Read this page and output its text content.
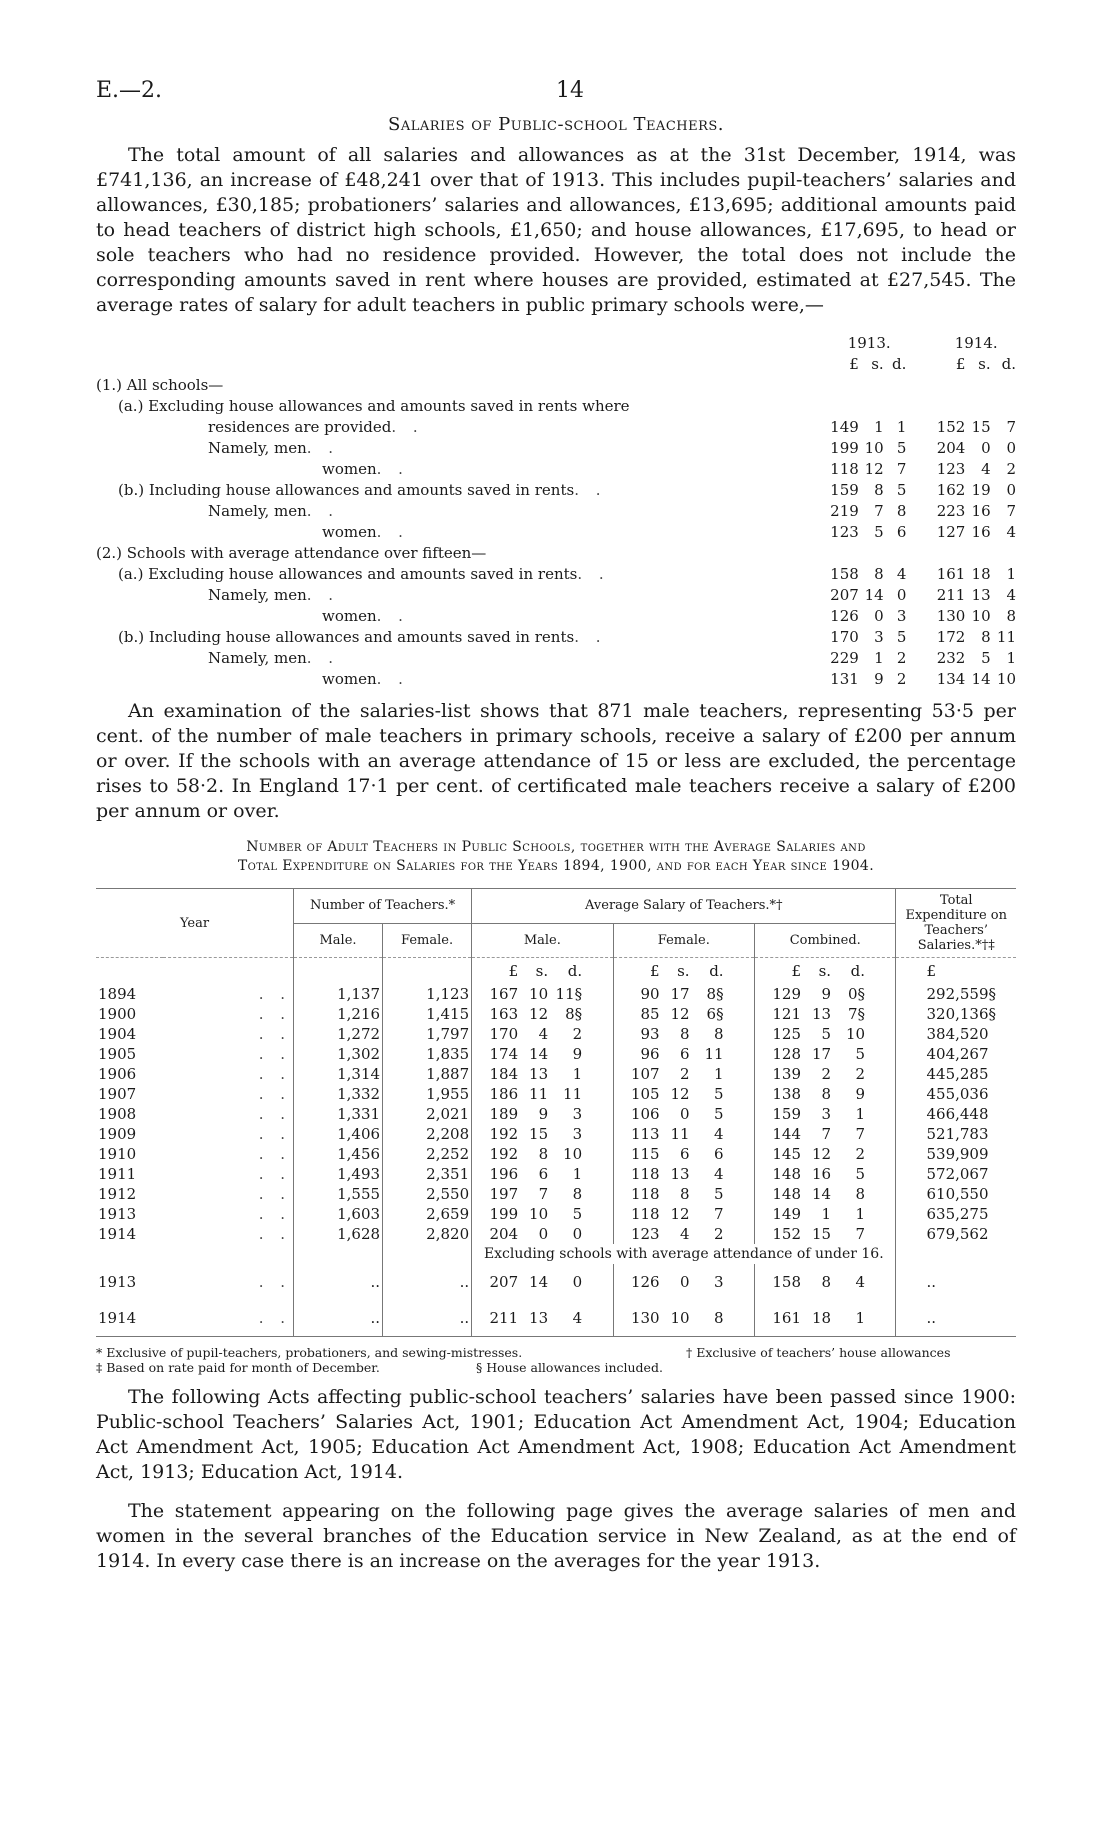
E.—2.	14
Salaries of Public-school Teachers.

The total amount of all salaries and allowances as at the 31st December, 1914, was £741,136, an increase of £48,241 over that of 1913. This includes pupil-teachers’ salaries and allowances, £30,185; probationers’ salaries and allowances, £13,695; additional amounts paid to head teachers of district high schools, £1,650; and house allowances, £17,695, to head or sole teachers who had no residence provided. However, the total does not include the corresponding amounts saved in rent where houses are provided, estimated at £27,545. The average rates of salary for adult teachers in public primary schools were,—

	1913.			1914.		
	£	s.	d.	£	s.	d.
(1.) All schools—						
(a.) Excluding house allowances and amounts saved in rents where						
residences are provided. .	149	1	1	152	15	7
Namely, men. .	199	10	5	204	0	0
women. .	118	12	7	123	4	2
(b.) Including house allowances and amounts saved in rents. .	159	8	5	162	19	0
Namely, men. .	219	7	8	223	16	7
women. .	123	5	6	127	16	4
(2.) Schools with average attendance over fifteen—						
(a.) Excluding house allowances and amounts saved in rents. .	158	8	4	161	18	1
Namely, men. .	207	14	0	211	13	4
women. .	126	0	3	130	10	8
(b.) Including house allowances and amounts saved in rents. .	170	3	5	172	8	11
Namely, men. .	229	1	2	232	5	1
women. .	131	9	2	134	14	10

An examination of the salaries-list shows that 871 male teachers, representing 53·5 per cent. of the number of male teachers in primary schools, receive a salary of £200 per annum or over. If the schools with an average attendance of 15 or less are excluded, the percentage rises to 58·2. In England 17·1 per cent. of certificated male teachers receive a salary of £200 per annum or over.

Number of Adult Teachers in Public Schools, together with the Average Salaries and
Total Expenditure on Salaries for the Years 1894, 1900, and for each Year since 1904.
Year		Number of Teachers.*		Average Salary of Teachers.*†			Total Expenditure on Teachers’ Salaries.*†‡
		Male.	Female.	Male.	Female.	Combined.	
				£ s. d.	£ s. d.	£ s. d.	£
1894	. .	1,137	1,123	167 10 11§	90 17 8§	129 9 0§	292,559§
1900	. .	1,216	1,415	163 12 8§	85 12 6§	121 13 7§	320,136§
1904	. .	1,272	1,797	170 4 2	93 8 8	125 5 10	384,520
1905	. .	1,302	1,835	174 14 9	96 6 11	128 17 5	404,267
1906	. .	1,314	1,887	184 13 1	107 2 1	139 2 2	445,285
1907	. .	1,332	1,955	186 11 11	105 12 5	138 8 9	455,036
1908	. .	1,331	2,021	189 9 3	106 0 5	159 3 1	466,448
1909	. .	1,406	2,208	192 15 3	113 11 4	144 7 7	521,783
1910	. .	1,456	2,252	192 8 10	115 6 6	145 12 2	539,909
1911	. .	1,493	2,351	196 6 1	118 13 4	148 16 5	572,067
1912	. .	1,555	2,550	197 7 8	118 8 5	148 14 8	610,550
1913	. .	1,603	2,659	199 10 5	118 12 7	149 1 1	635,275
1914	. .	1,628	2,820	204 0 0	123 4 2	152 15 7	679,562
				Excluding schools with average attendance of under 16.			
1913	. .	..	..	207 14 0	126 0 3	158 8 4	..
1914	. .	..	..	211 13 4	130 10 8	161 18 1	..
* Exclusive of pupil-teachers, probationers, and sewing-mistresses.	† Exclusive of teachers’ house allowances
‡ Based on rate paid for month of December.	§ House allowances included.

The following Acts affecting public-school teachers’ salaries have been passed since 1900: Public-school Teachers’ Salaries Act, 1901; Education Act Amendment Act, 1904; Education Act Amendment Act, 1905; Education Act Amendment Act, 1908; Education Act Amendment Act, 1913; Education Act, 1914.

The statement appearing on the following page gives the average salaries of men and women in the several branches of the Education service in New Zealand, as at the end of 1914. In every case there is an increase on the averages for the year 1913.
